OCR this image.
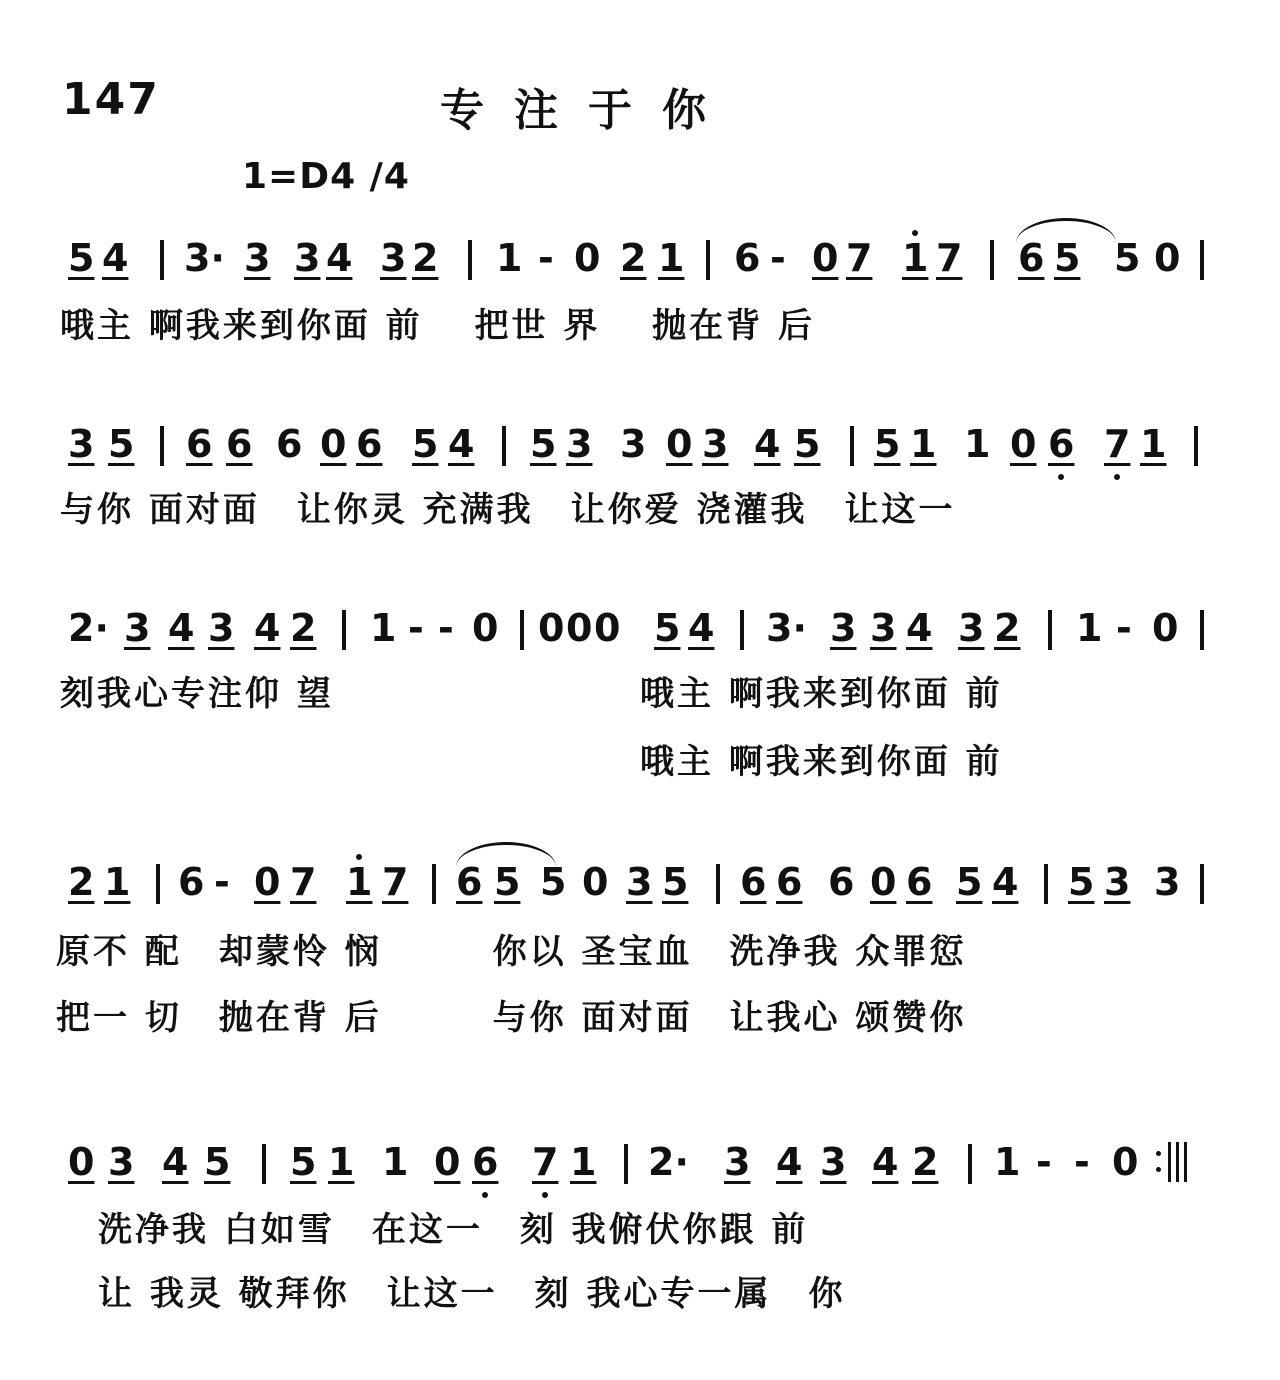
147	专注于你
1=D4 /4
5 4 3· 3 3 4 3 2 1 - 0 2 1 6 - 0 7 1 7 6 5 5 0
哦主 啊我来到你面 前　 把世 界　 抛在背 后
3 5 6 6 6 0 6 5 4 5 3 3 0 3 4 5 5 1 1 0 6 7 1
与你 面对面　让你灵 充满我　让你爱 浇灌我　让这一
2· 3 4 3 4 2 1 - - 0 0 0 0 5 4 3· 3 3 4 3 2 1 - 0
刻我心专注仰 望	哦主 啊我来到你面 前
哦主 啊我来到你面 前
2 1 6 - 0 7 1 7 6 5 5 0 3 5 6 6 6 0 6 5 4 5 3 3
原不 配　却蒙怜 悯　　　你以 圣宝血　洗净我 众罪愆
把一 切　抛在背 后　　　与你 面对面　让我心 颂赞你
0 3 4 5 5 1 1 0 6 7 1 2· 3 4 3 4 2 1 - - 0
洗净我 白如雪　在这一　刻 我俯伏你跟 前
让 我灵 敬拜你　让这一　刻 我心专一属　你
